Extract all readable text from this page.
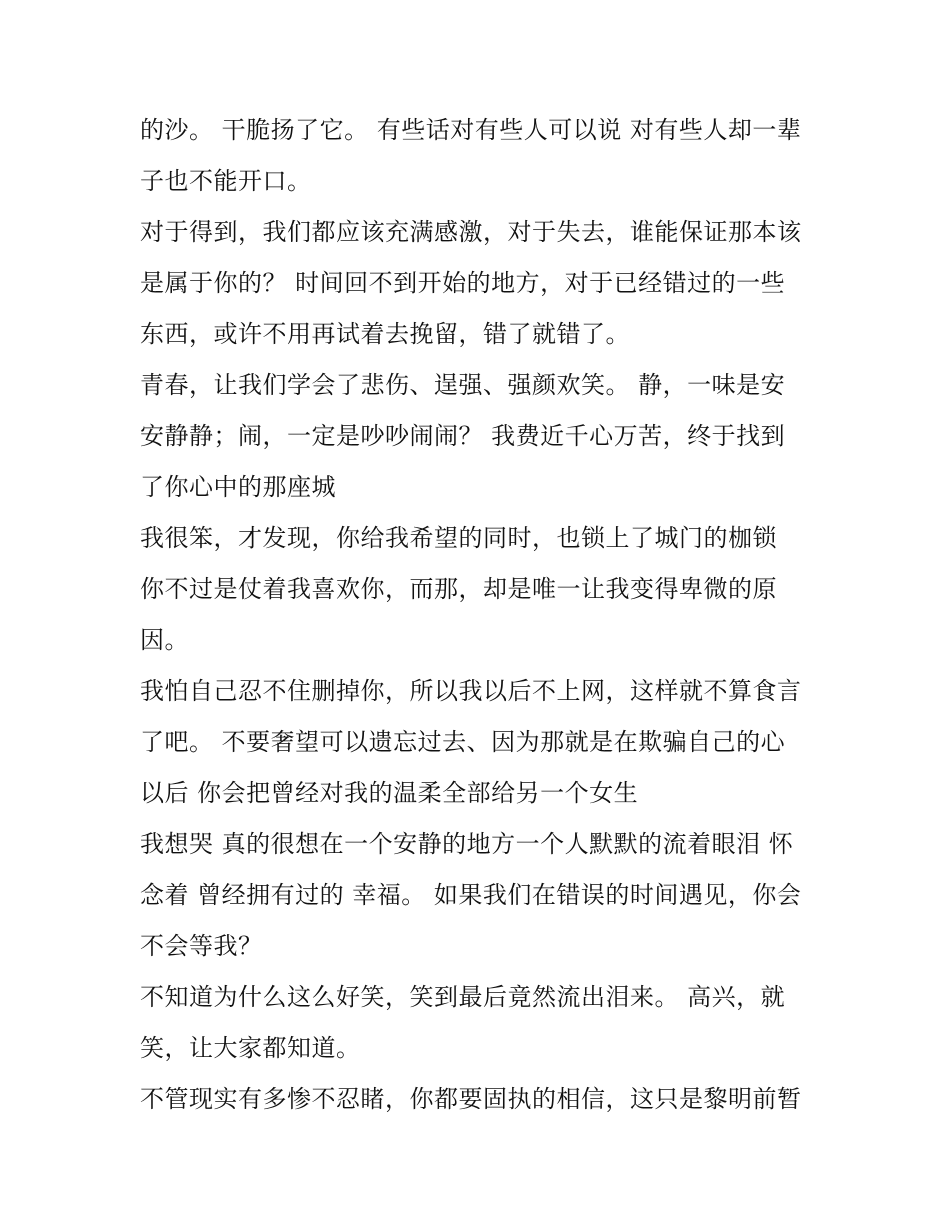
的沙。 干脆扬了它。 有些话对有些人可以说 对有些人却一辈
子也不能开口。
对于得到，我们都应该充满感激，对于失去，谁能保证那本该
是属于你的？ 时间回不到开始的地方，对于已经错过的一些
东西，或许不用再试着去挽留，错了就错了。
青春，让我们学会了悲伤、逞强、强颜欢笑。 静，一味是安
安静静；闹，一定是吵吵闹闹？ 我费近千心万苦，终于找到
了你心中的那座城
我很笨，才发现，你给我希望的同时，也锁上了城门的枷锁
你不过是仗着我喜欢你，而那，却是唯一让我变得卑微的原
因。
我怕自己忍不住删掉你，所以我以后不上网，这样就不算食言
了吧。 不要奢望可以遗忘过去、因为那就是在欺骗自己的心
以后 你会把曾经对我的温柔全部给另一个女生
我想哭 真的很想在一个安静的地方一个人默默的流着眼泪 怀
念着 曾经拥有过的 幸福。 如果我们在错误的时间遇见，你会
不会等我？
不知道为什么这么好笑，笑到最后竟然流出泪来。 高兴，就
笑，让大家都知道。
不管现实有多惨不忍睹，你都要固执的相信，这只是黎明前暂
